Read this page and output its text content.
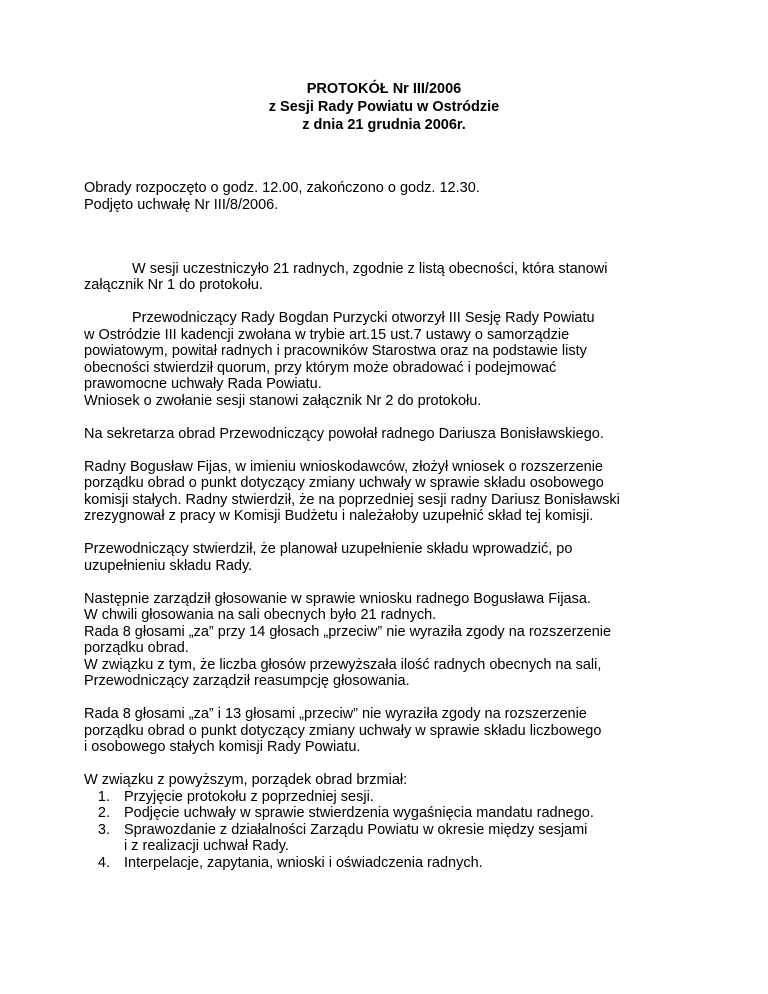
PROTOKÓŁ Nr III/2006
z Sesji Rady Powiatu w Ostródzie
z dnia 21 grudnia 2006r.
Obrady rozpoczęto o godz. 12.00, zakończono o godz. 12.30.
Podjęto uchwałę Nr III/8/2006.
W sesji uczestniczyło 21 radnych, zgodnie z listą obecności, która stanowi
załącznik Nr 1 do protokołu.
Przewodniczący Rady Bogdan Purzycki otworzył III Sesję Rady Powiatu
w Ostródzie III kadencji zwołana w trybie art.15 ust.7 ustawy o samorządzie
powiatowym, powitał radnych i pracowników Starostwa oraz na podstawie listy
obecności stwierdził quorum, przy którym może obradować i podejmować
prawomocne uchwały Rada Powiatu.
Wniosek o zwołanie sesji stanowi załącznik Nr 2 do protokołu.
Na sekretarza obrad Przewodniczący powołał radnego Dariusza Bonisławskiego.
Radny Bogusław Fijas, w imieniu wnioskodawców, złożył wniosek o rozszerzenie
porządku obrad o punkt dotyczący zmiany uchwały w sprawie składu osobowego
komisji stałych. Radny stwierdził, że na poprzedniej sesji radny Dariusz Bonisławski
zrezygnował z pracy w Komisji Budżetu i należałoby uzupełnić skład tej komisji.
Przewodniczący stwierdził, że planował uzupełnienie składu wprowadzić, po
uzupełnieniu składu Rady.
Następnie zarządził głosowanie w sprawie wniosku radnego Bogusława Fijasa.
W chwili głosowania na sali obecnych było 21 radnych.
Rada 8 głosami „za” przy 14 głosach „przeciw” nie wyraziła zgody na rozszerzenie
porządku obrad.
W związku z tym, że liczba głosów przewyższała ilość radnych obecnych na sali,
Przewodniczący zarządził reasumpcję głosowania.
Rada 8 głosami „za” i 13 głosami „przeciw” nie wyraziła zgody na rozszerzenie
porządku obrad o punkt dotyczący zmiany uchwały w sprawie składu liczbowego
i osobowego stałych komisji Rady Powiatu.
W związku z powyższym, porządek obrad brzmiał:
1. Przyjęcie protokołu z poprzedniej sesji.
2. Podjęcie uchwały w sprawie stwierdzenia wygaśnięcia mandatu radnego.
3. Sprawozdanie z działalności Zarządu Powiatu w okresie między sesjami
i z realizacji uchwał Rady.
4. Interpelacje, zapytania, wnioski i oświadczenia radnych.
